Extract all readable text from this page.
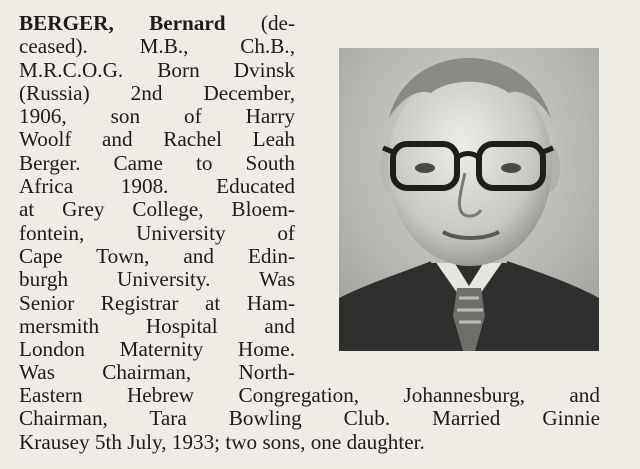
BERGER, Bernard (de-
ceased). M.B., Ch.B.,
M.R.C.O.G. Born Dvinsk
(Russia) 2nd December,
1906, son of Harry
Woolf and Rachel Leah
Berger. Came to South
Africa 1908. Educated
at Grey College, Bloem-
fontein, University of
Cape Town, and Edin-
burgh University. Was
Senior Registrar at Ham-
mersmith Hospital and
London Maternity Home.
Was Chairman, North-
Eastern Hebrew Congregation, Johannesburg, and
Chairman, Tara Bowling Club. Married Ginnie
Krausey 5th July, 1933; two sons, one daughter.
